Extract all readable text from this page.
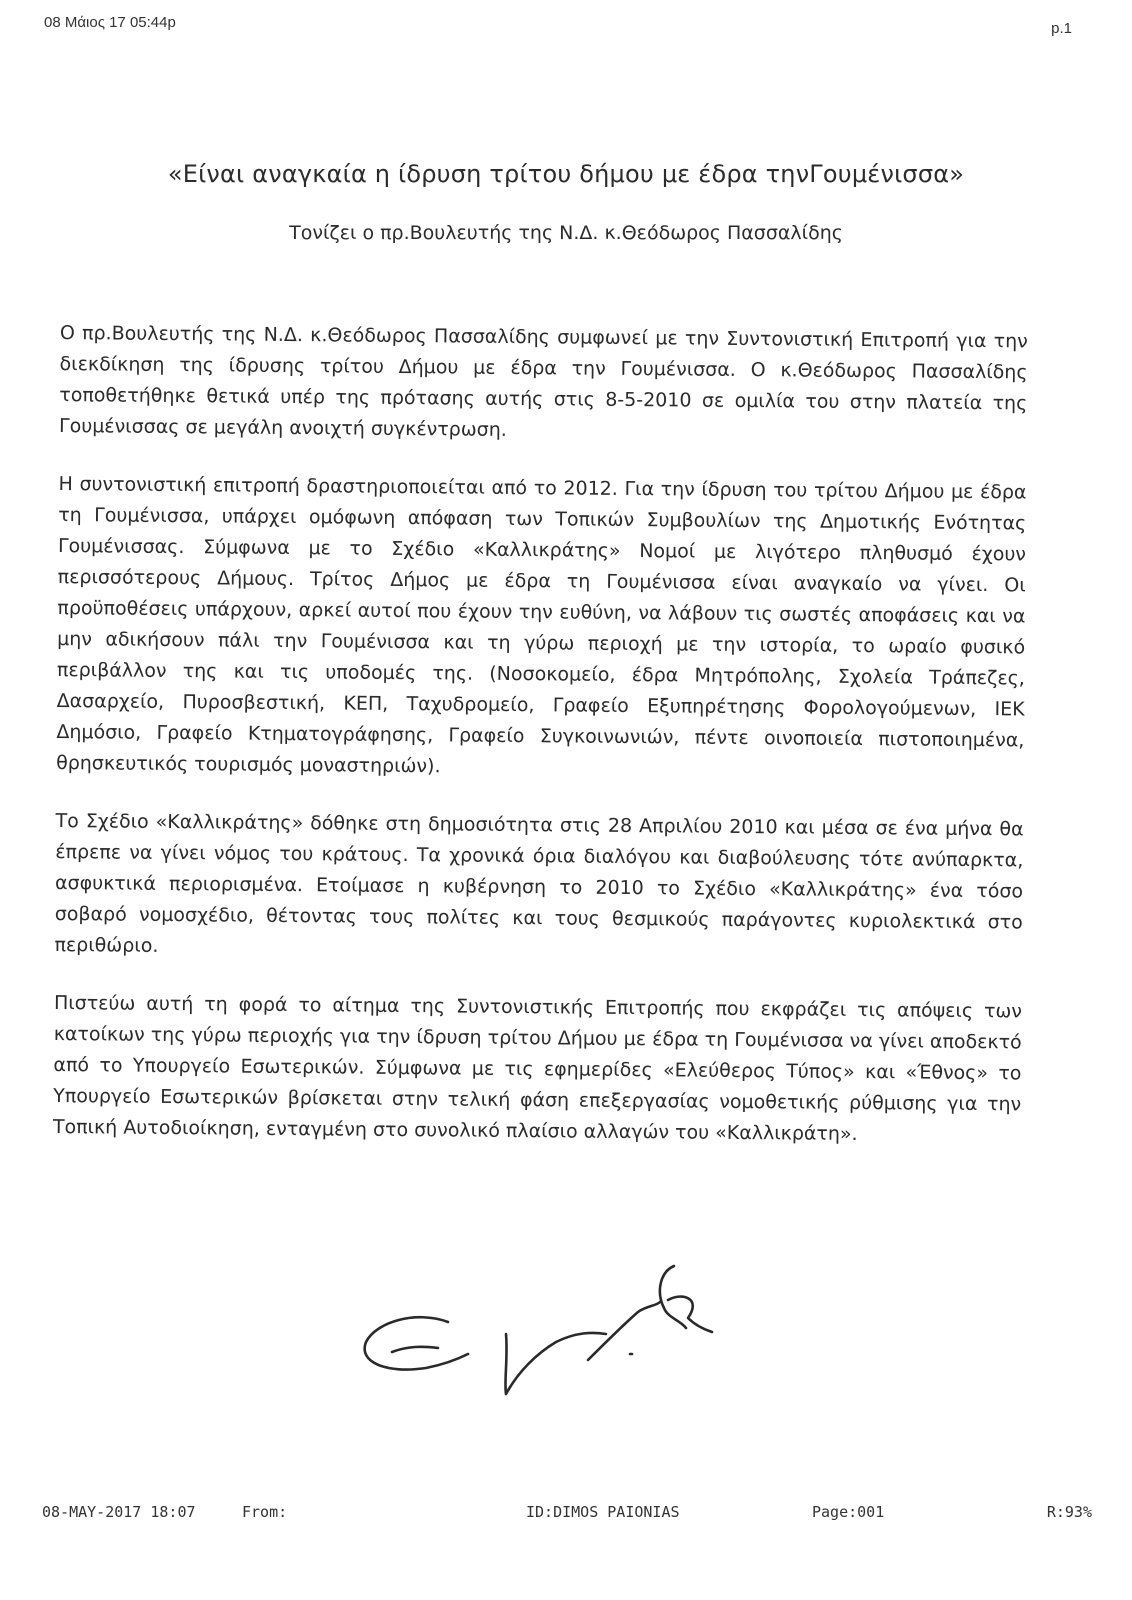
08 Μάιος 17 05:44p	p.1
«Είναι αναγκαία η ίδρυση τρίτου δήμου με έδρα τηνΓουμένισσα»
Τονίζει ο πρ.Βουλευτής της Ν.Δ. κ.Θεόδωρος Πασσαλίδης

Ο πρ.Βουλευτής της Ν.Δ. κ.Θεόδωρος Πασσαλίδης συμφωνεί με την Συντονιστική Επιτροπή για την διεκδίκηση της ίδρυσης τρίτου Δήμου με έδρα την Γουμένισσα. Ο κ.Θεόδωρος Πασσαλίδης τοποθετήθηκε θετικά υπέρ της πρότασης αυτής στις 8-5-2010 σε ομιλία του στην πλατεία της Γουμένισσας σε μεγάλη ανοιχτή συγκέντρωση.

Η συντονιστική επιτροπή δραστηριοποιείται από το 2012. Για την ίδρυση του τρίτου Δήμου με έδρα τη Γουμένισσα, υπάρχει ομόφωνη απόφαση των Τοπικών Συμβουλίων της Δημοτικής Ενότητας Γουμένισσας. Σύμφωνα με το Σχέδιο «Καλλικράτης» Νομοί με λιγότερο πληθυσμό έχουν περισσότερους Δήμους. Τρίτος Δήμος με έδρα τη Γουμένισσα είναι αναγκαίο να γίνει. Οι προϋποθέσεις υπάρχουν, αρκεί αυτοί που έχουν την ευθύνη, να λάβουν τις σωστές αποφάσεις και να μην αδικήσουν πάλι την Γουμένισσα και τη γύρω περιοχή με την ιστορία, το ωραίο φυσικό περιβάλλον της και τις υποδομές της. (Νοσοκομείο, έδρα Μητρόπολης, Σχολεία Τράπεζες, Δασαρχείο, Πυροσβεστική, ΚΕΠ, Ταχυδρομείο, Γραφείο Εξυπηρέτησης Φορολογούμενων, ΙΕΚ Δημόσιο, Γραφείο Κτηματογράφησης, Γραφείο Συγκοινωνιών, πέντε οινοποιεία πιστοποιημένα, θρησκευτικός τουρισμός μοναστηριών).

Το Σχέδιο «Καλλικράτης» δόθηκε στη δημοσιότητα στις 28 Απριλίου 2010 και μέσα σε ένα μήνα θα έπρεπε να γίνει νόμος του κράτους. Τα χρονικά όρια διαλόγου και διαβούλευσης τότε ανύπαρκτα, ασφυκτικά περιορισμένα. Ετοίμασε η κυβέρνηση το 2010 το Σχέδιο «Καλλικράτης» ένα τόσο σοβαρό νομοσχέδιο, θέτοντας τους πολίτες και τους θεσμικούς παράγοντες κυριολεκτικά στο περιθώριο.

Πιστεύω αυτή τη φορά το αίτημα της Συντονιστικής Επιτροπής που εκφράζει τις απόψεις των κατοίκων της γύρω περιοχής για την ίδρυση τρίτου Δήμου με έδρα τη Γουμένισσα να γίνει αποδεκτό από το Υπουργείο Εσωτερικών. Σύμφωνα με τις εφημερίδες «Ελεύθερος Τύπος» και «Έθνος» το Υπουργείο Εσωτερικών βρίσκεται στην τελική φάση επεξεργασίας νομοθετικής ρύθμισης για την Τοπική Αυτοδιοίκηση, ενταγμένη στο συνολικό πλαίσιο αλλαγών του «Καλλικράτη».

08-MAY-2017 18:07	From:	ID:DIMOS PAIONIAS	Page:001	R:93%
